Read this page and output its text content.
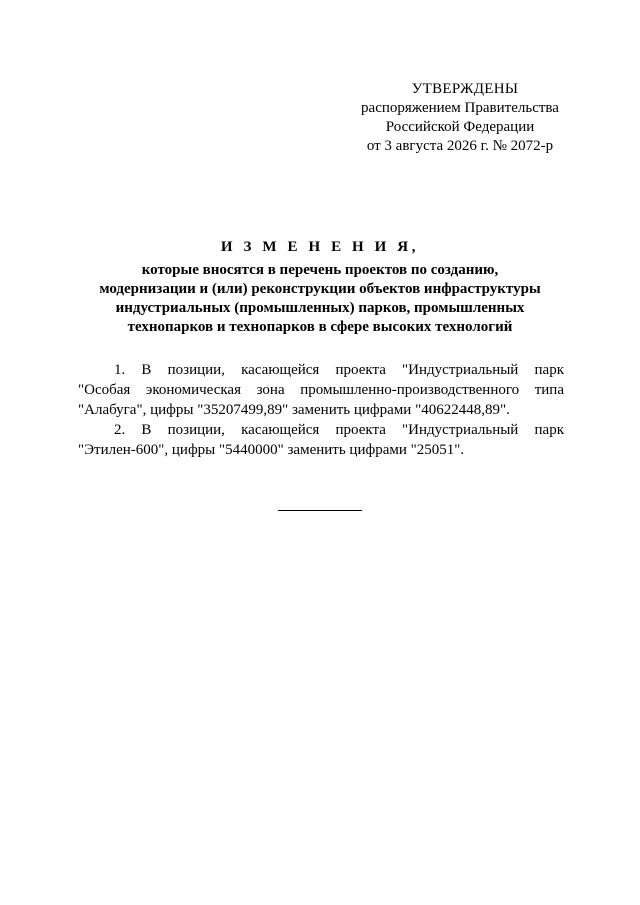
УТВЕРЖДЕНЫ
распоряжением Правительства
Российской Федерации
от 3 августа 2026 г. № 2072-р
И З М Е Н Е Н И Я,
которые вносятся в перечень проектов по созданию,
модернизации и (или) реконструкции объектов инфраструктуры
индустриальных (промышленных) парков, промышленных
технопарков и технопарков в сфере высоких технологий

1. В позиции, касающейся проекта "Индустриальный парк
"Особая экономическая зона промышленно-производственного типа
"Алабуга", цифры "35207499,89" заменить цифрами "40622448,89".

2. В позиции, касающейся проекта "Индустриальный парк
"Этилен-600", цифры "5440000" заменить цифрами "25051".
